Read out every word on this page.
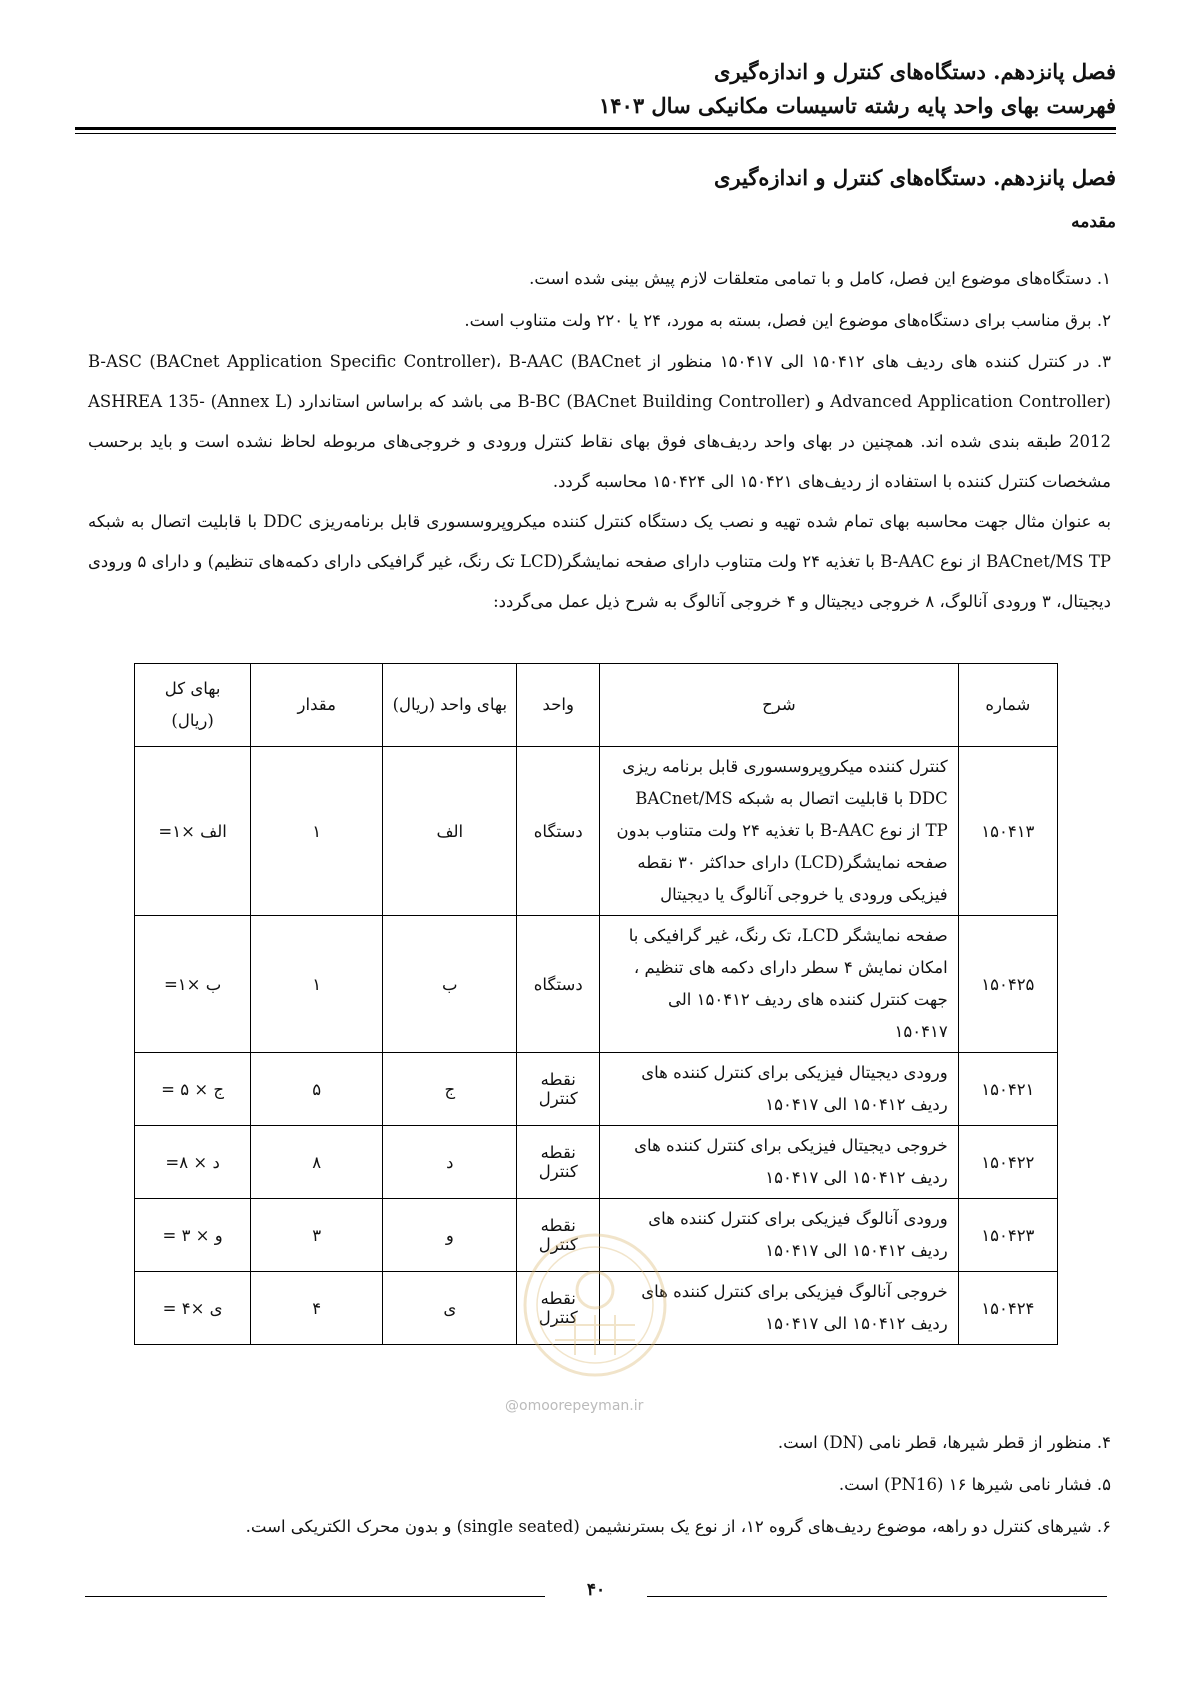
فصل پانزدهم. دستگاه‌های کنترل و اندازه‌گیری
فهرست بهای واحد پایه رشته تاسیسات مکانیکی سال ۱۴۰۳
فصل پانزدهم. دستگاه‌های کنترل و اندازه‌گیری
مقدمه

۱. دستگاه‌های موضوع این فصل، کامل و با تمامی متعلقات لازم پیش بینی شده است.

۲. برق مناسب برای دستگاه‌های موضوع این فصل، بسته به مورد، ۲۴ یا ۲۲۰ ولت متناوب است.

۳. در کنترل کننده های ردیف های ۱۵۰۴۱۲ الی ۱۵۰۴۱۷ منظور از B-ASC (BACnet Application Specific Controller)، B-AAC (BACnet Advanced Application Controller) و B-BC (BACnet Building Controller) می باشد که براساس استاندارد (Annex L) ASHREA 135-2012 طبقه بندی شده اند. همچنین در بهای واحد ردیف‌های فوق بهای نقاط کنترل ورودی و خروجی‌های مربوطه لحاظ نشده است و باید برحسب مشخصات کنترل کننده با استفاده از ردیف‌های ۱۵۰۴۲۱ الی ۱۵۰۴۲۴ محاسبه گردد.

به عنوان مثال جهت محاسبه بهای تمام شده تهیه و نصب یک دستگاه کنترل کننده میکروپروسسوری قابل برنامه‌ریزی DDC با قابلیت اتصال به شبکه BACnet/MS TP از نوع B-AAC با تغذیه ۲۴ ولت متناوب دارای صفحه نمایشگر(LCD تک رنگ، غیر گرافیکی دارای دکمه‌های تنظیم) و دارای ۵ ورودی دیجیتال، ۳ ورودی آنالوگ، ۸ خروجی دیجیتال و ۴ خروجی آنالوگ به شرح ذیل عمل می‌گردد:

شماره	شرح	واحد	بهای واحد (ریال)	مقدار	بهای کل (ریال)
۱۵۰۴۱۳	کنترل کننده میکروپروسسوری قابل برنامه ریزی DDC با قابلیت اتصال به شبکه BACnet/MS TP از نوع B-AAC با تغذیه ۲۴ ولت متناوب بدون صفحه نمایشگر(LCD) دارای حداکثر ۳۰ نقطه فیزیکی ورودی یا خروجی آنالوگ یا دیجیتال	دستگاه	الف	۱	الف ×۱=
۱۵۰۴۲۵	صفحه نمایشگر LCD، تک رنگ، غیر گرافیکی با امکان نمایش ۴ سطر دارای دکمه های تنظیم ، جهت کنترل کننده های ردیف ۱۵۰۴۱۲ الی ۱۵۰۴۱۷	دستگاه	ب	۱	ب ×۱=
۱۵۰۴۲۱	ورودی دیجیتال فیزیکی برای کنترل کننده های ردیف ۱۵۰۴۱۲ الی ۱۵۰۴۱۷	نقطه کنترل	ج	۵	ج × ۵ =
۱۵۰۴۲۲	خروجی دیجیتال فیزیکی برای کنترل کننده های ردیف ۱۵۰۴۱۲ الی ۱۵۰۴۱۷	نقطه کنترل	د	۸	د × ۸=
۱۵۰۴۲۳	ورودی آنالوگ فیزیکی برای کنترل کننده های ردیف ۱۵۰۴۱۲ الی ۱۵۰۴۱۷	نقطه کنترل	و	۳	و × ۳ =
۱۵۰۴۲۴	خروجی آنالوگ فیزیکی برای کنترل کننده های ردیف ۱۵۰۴۱۲ الی ۱۵۰۴۱۷	نقطه کنترل	ی	۴	ی ×۴ =
@omoorepeyman.ir

۴. منظور از قطر شیرها، قطر نامی (DN) است.

۵. فشار نامی شیرها ۱۶ (PN16) است.

۶. شیرهای کنترل دو راهه، موضوع ردیف‌های گروه ۱۲، از نوع یک بسترنشیمن (single seated) و بدون محرک الکتریکی است.

۴۰
